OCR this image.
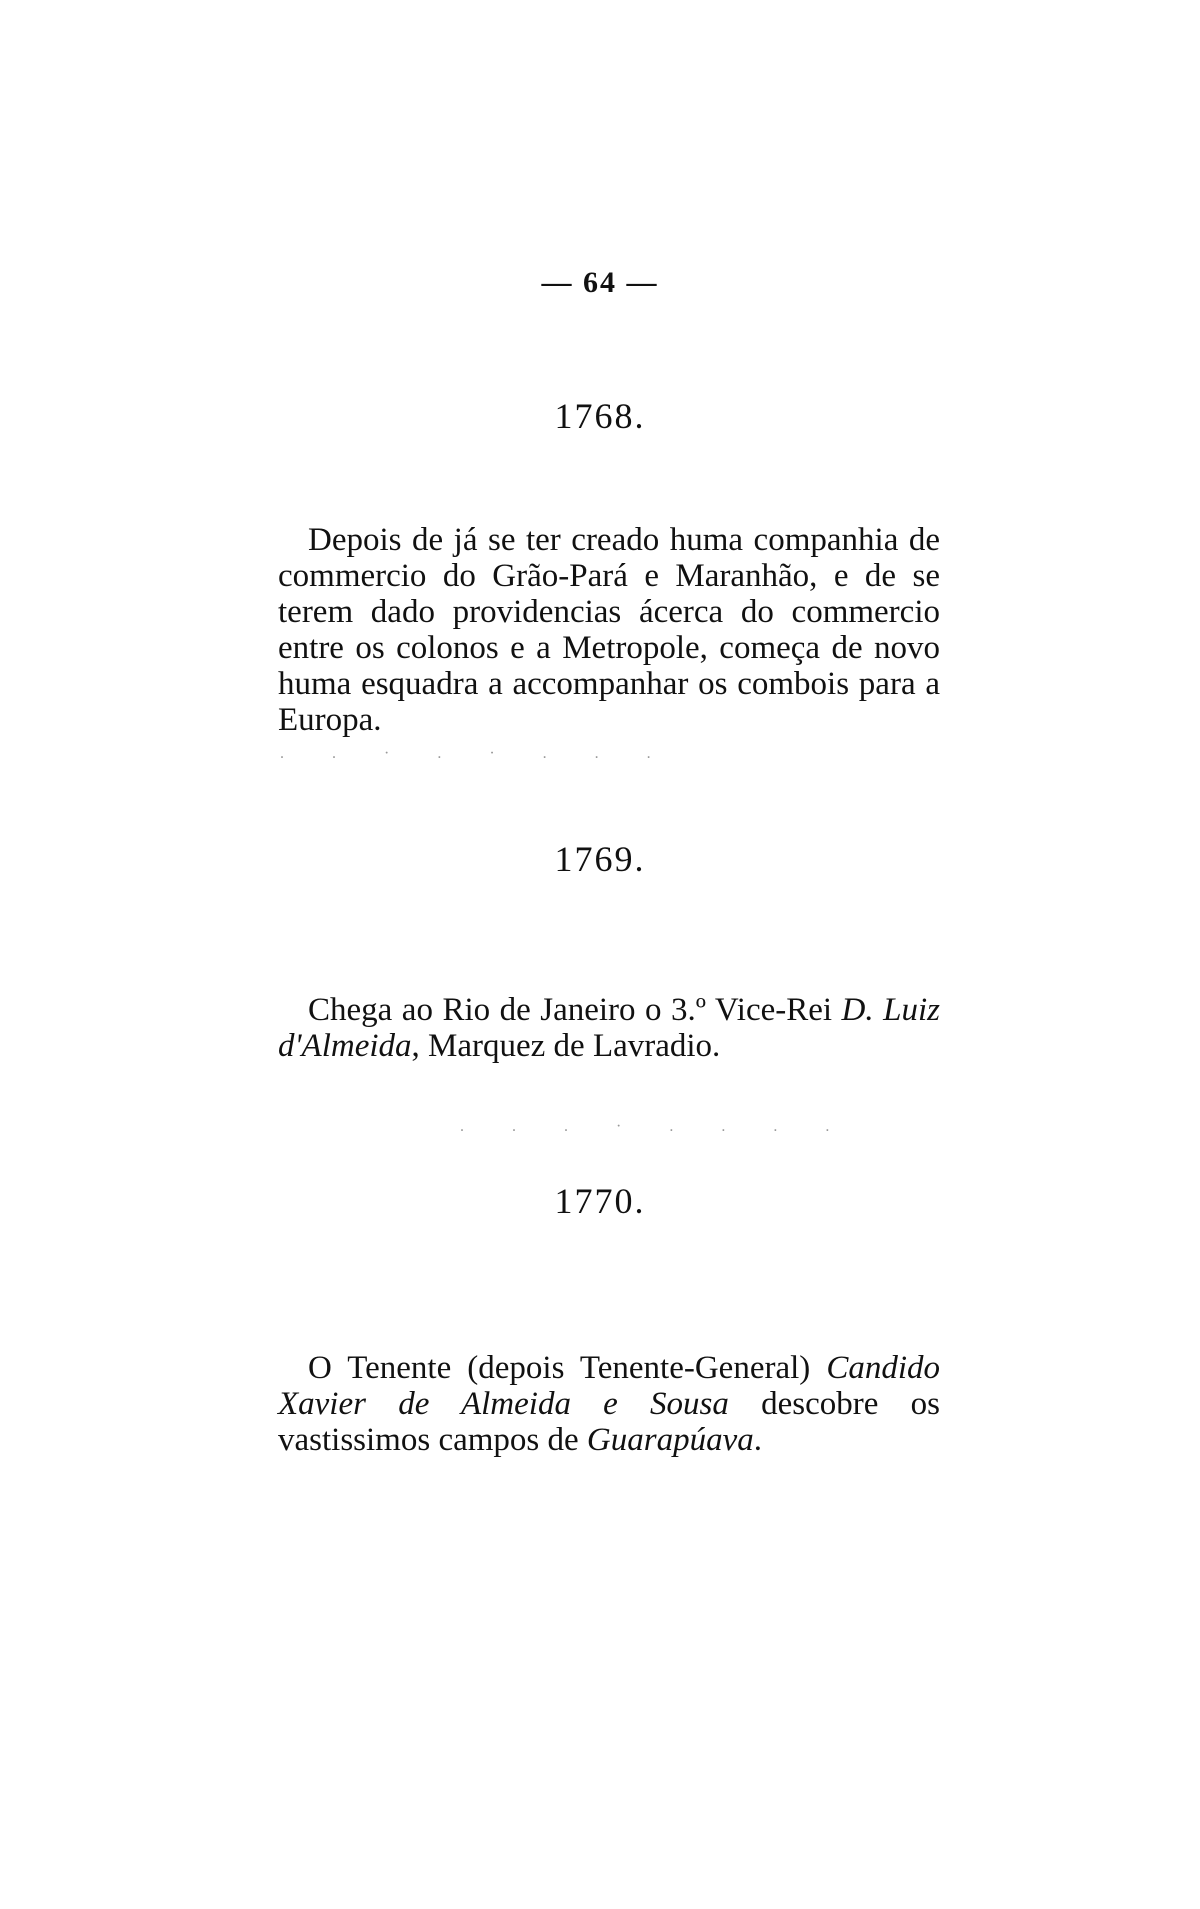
— 64 —
1768.

Depois de já se ter creado huma companhia de commercio do Grão-Pará e Maranhão, e de se terem dado providencias ácerca do commercio entre os colonos e a Metropole, começa de novo huma esquadra a accompanhar os combois para a Europa.

. . · . · . . .
1769.

Chega ao Rio de Janeiro o 3.º Vice-Rei D. Luiz d'Almeida, Marquez de Lavradio.

. . . · . . . .
1770.

O Tenente (depois Tenente-General) Candido Xavier de Almeida e Sousa descobre os vastissimos campos de Guarapúava.
